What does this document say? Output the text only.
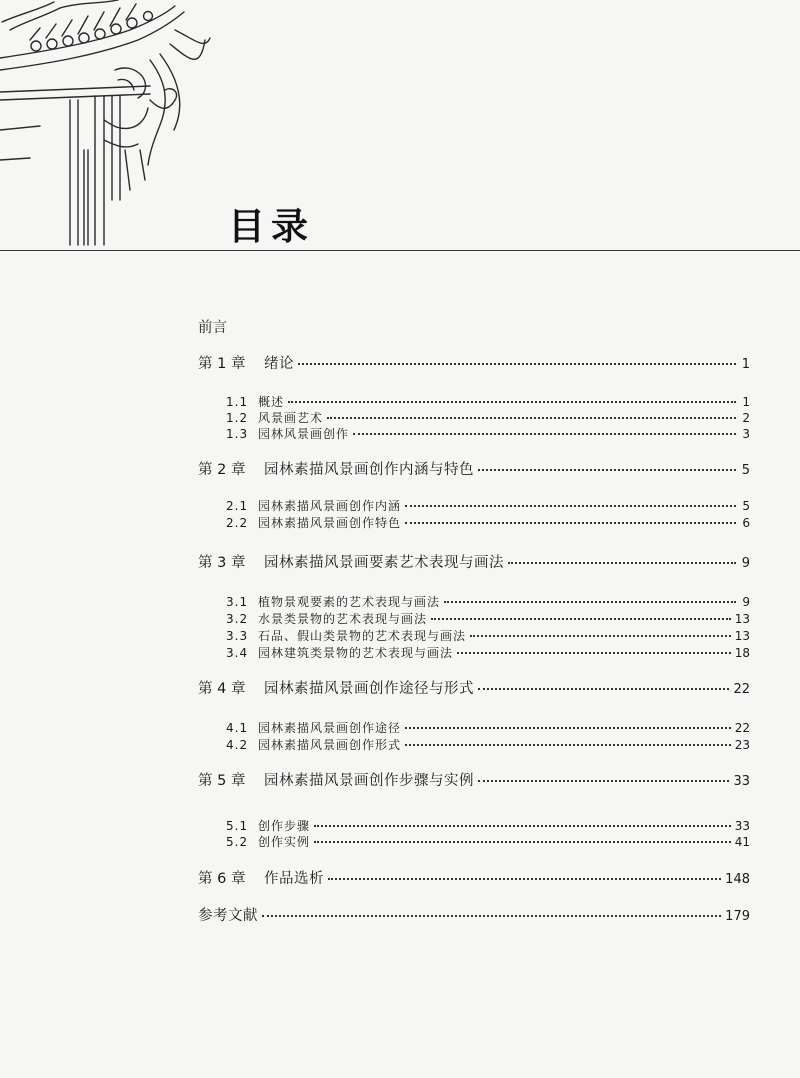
目录
前言
第 1 章	绪论	1
1.1 概述	1
1.2 风景画艺术	2
1.3 园林风景画创作	3
第 2 章	园林素描风景画创作内涵与特色	5
2.1 园林素描风景画创作内涵	5
2.2 园林素描风景画创作特色	6
第 3 章	园林素描风景画要素艺术表现与画法	9
3.1 植物景观要素的艺术表现与画法	9
3.2 水景类景物的艺术表现与画法	13
3.3 石品、假山类景物的艺术表现与画法	13
3.4 园林建筑类景物的艺术表现与画法	18
第 4 章	园林素描风景画创作途径与形式	22
4.1 园林素描风景画创作途径	22
4.2 园林素描风景画创作形式	23
第 5 章	园林素描风景画创作步骤与实例	33
5.1 创作步骤	33
5.2 创作实例	41
第 6 章	作品选析	148
参考文献	179
